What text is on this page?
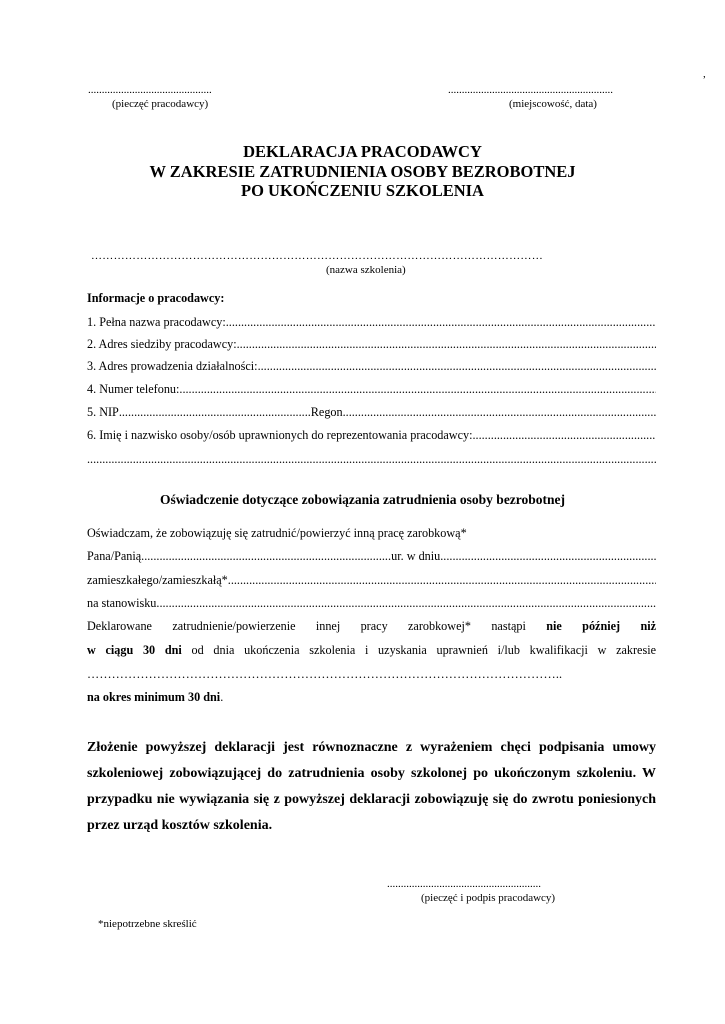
,
.............................................
(pieczęć pracodawcy)
............................................................
(miejscowość, data)
DEKLARACJA PRACODAWCY
W ZAKRESIE ZATRUDNIENIA OSOBY BEZROBOTNEJ
PO UKOŃCZENIU SZKOLENIA
…………………………………………………………………………………………………………
(nazwa szkolenia)
Informacje o pracodawcy:
1. Pełna nazwa pracodawcy:
.....
2. Adres siedziby pracodawcy:
.....
3. Adres prowadzenia działalności:
.....
4. Numer telefonu:
.....
5. NIP ............................................................... Regon
.....
6. Imię i nazwisko osoby/osób uprawnionych do reprezentowania pracodawcy:
.....
.....
Oświadczenie dotyczące zobowiązania zatrudnienia osoby bezrobotnej
Oświadczam, że zobowiązuję się zatrudnić/powierzyć inną pracę zarobkową*
Pana/Panią
.....	ur. w dniu
.....
zamieszkałego/zamieszkałą*
.....
na stanowisku
.....
Deklarowane zatrudnienie/powierzenie innej pracy zarobkowej* nastąpi nie później niż
w ciągu 30 dni od dnia ukończenia szkolenia i uzyskania uprawnień i/lub kwalifikacji w zakresie
……………………………………………………………………………………………………..
na okres minimum 30 dni.
Złożenie powyższej deklaracji jest równoznaczne z wyrażeniem chęci podpisania umowy szkoleniowej zobowiązującej do zatrudnienia osoby szkolonej po ukończonym szkoleniu. W przypadku nie wywiązania się z powyższej deklaracji zobowiązuję się do zwrotu poniesionych przez urząd kosztów szkolenia.
........................................................
(pieczęć i podpis pracodawcy)
*niepotrzebne skreślić
